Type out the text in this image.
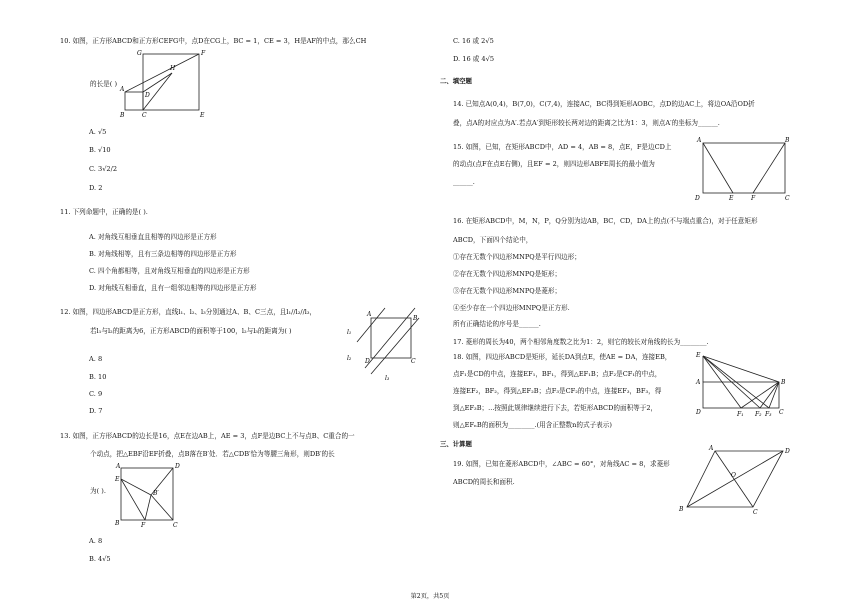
10. 如图，正方形ABCD和正方形CEFG中，点D在CG上，BC = 1，CE = 3，H是AF的中点，那么CH
G	F
H
A
D
B	C	E
的长是( )
A. √5
B. √10
C. 3√2/2
D. 2
11. 下列命题中，正确的是( ).
A. 对角线互相垂直且相等的四边形是正方形
B. 对角线相等，且有三条边相等的四边形是正方形
C. 四个角都相等，且对角线互相垂直的四边形是正方形
D. 对角线互相垂直，且有一组邻边相等的四边形是正方形
12. 如图，四边形ABCD是正方形，直线l₁、l₂、l₃分别通过A、B、C三点，且l₁//l₂//l₃，
若l₁与l₂的距离为6，正方形ABCD的面积等于100，l₂与l₃的距离为( )
A
B
D	C
l₁
l₂
l₃
A. 8
B. 10
C. 9
D. 7
13. 如图，正方形ABCD的边长是16，点E在边AB上，AE = 3，点F是边BC上不与点B、C重合的一
个动点，把△EBF沿EF折叠，点B落在B′处．若△CDB′恰为等腰三角形，则DB′的长
A	D
E
B′
B	F	C
为( ).
A. 8
B. 4√5
C. 16 或 2√5
D. 16 或 4√5
二、填空题
14. 已知点A(0,4)，B(7,0)，C(7,4)，连接AC，BC得到矩形AOBC，点D的边AC上，将边OA沿OD折
叠，点A的对应点为A′.若点A′到矩形较长两对边的距离之比为1：3，则点A′的坐标为______.
15. 如图，已知，在矩形ABCD中，AD = 4，AB = 8，点E，F是边CD上
的动点(点F在点E右侧)，且EF = 2，则四边形ABFE周长的最小值为
______.
A	B
D	E	F	C
16. 在矩形ABCD中，M，N，P，Q分别为边AB，BC，CD，DA上的点(不与端点重合)，对于任意矩形
ABCD，下面四个结论中，
①存在无数个四边形MNPQ是平行四边形；
②存在无数个四边形MNPQ是矩形；
③存在无数个四边形MNPQ是菱形；
④至少存在一个四边形MNPQ是正方形.
所有正确结论的序号是______.
17. 菱形的周长为40，两个相邻角度数之比为1：2，则它的较长对角线的长为________.
18. 如图，四边形ABCD是矩形，延长DA到点E，使AE = DA，连接EB，
点F₁是CD的中点，连接EF₁，BF₁，得到△EF₁B；点F₂是CF₁的中点，
连接EF₂，BF₂，得到△EF₂B；点F₃是CF₂的中点，连接EF₃，BF₃，得
到△EF₃B；...按照此规律继续进行下去，若矩形ABCD的面积等于2，
则△EFₙB的面积为________.(用含正整数n的式子表示)
E
A	B
D	F₁ F₂ F₃ C
三、计算题
19. 如图，已知在菱形ABCD中，∠ABC = 60°，对角线AC = 8，求菱形
ABCD的周长和面积.
A	D
O
B	C
第2页，共5页
